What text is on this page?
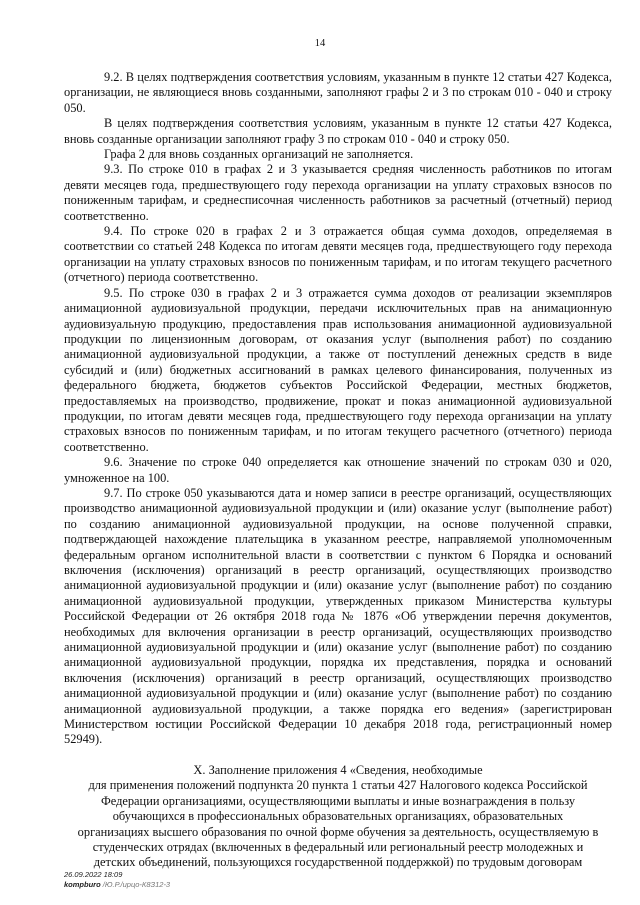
14

9.2. В целях подтверждения соответствия условиям, указанным в пункте 12 статьи 427 Кодекса, организации, не являющиеся вновь созданными, заполняют графы 2 и 3 по строкам 010 - 040 и строку 050.

В целях подтверждения соответствия условиям, указанным в пункте 12 статьи 427 Кодекса, вновь созданные организации заполняют графу 3 по строкам 010 - 040 и строку 050.

Графа 2 для вновь созданных организаций не заполняется.

9.3. По строке 010 в графах 2 и 3 указывается средняя численность работников по итогам девяти месяцев года, предшествующего году перехода организации на уплату страховых взносов по пониженным тарифам, и среднесписочная численность работников за расчетный (отчетный) период соответственно.

9.4. По строке 020 в графах 2 и 3 отражается общая сумма доходов, определяемая в соответствии со статьей 248 Кодекса по итогам девяти месяцев года, предшествующего году перехода организации на уплату страховых взносов по пониженным тарифам, и по итогам текущего расчетного (отчетного) периода соответственно.

9.5. По строке 030 в графах 2 и 3 отражается сумма доходов от реализации экземпляров анимационной аудиовизуальной продукции, передачи исключительных прав на анимационную аудиовизуальную продукцию, предоставления прав использования анимационной аудиовизуальной продукции по лицензионным договорам, от оказания услуг (выполнения работ) по созданию анимационной аудиовизуальной продукции, а также от поступлений денежных средств в виде субсидий и (или) бюджетных ассигнований в рамках целевого финансирования, полученных из федерального бюджета, бюджетов субъектов Российской Федерации, местных бюджетов, предоставляемых на производство, продвижение, прокат и показ анимационной аудиовизуальной продукции, по итогам девяти месяцев года, предшествующего году перехода организации на уплату страховых взносов по пониженным тарифам, и по итогам текущего расчетного (отчетного) периода соответственно.

9.6. Значение по строке 040 определяется как отношение значений по строкам 030 и 020, умноженное на 100.

9.7. По строке 050 указываются дата и номер записи в реестре организаций, осуществляющих производство анимационной аудиовизуальной продукции и (или) оказание услуг (выполнение работ) по созданию анимационной аудиовизуальной продукции, на основе полученной справки, подтверждающей нахождение плательщика в указанном реестре, направляемой уполномоченным федеральным органом исполнительной власти в соответствии с пунктом 6 Порядка и оснований включения (исключения) организаций в реестр организаций, осуществляющих производство анимационной аудиовизуальной продукции и (или) оказание услуг (выполнение работ) по созданию анимационной аудиовизуальной продукции, утвержденных приказом Министерства культуры Российской Федерации от 26 октября 2018 года № 1876 «Об утверждении перечня документов, необходимых для включения организации в реестр организаций, осуществляющих производство анимационной аудиовизуальной продукции и (или) оказание услуг (выполнение работ) по созданию анимационной аудиовизуальной продукции, порядка их представления, порядка и оснований включения (исключения) организаций в реестр организаций, осуществляющих производство анимационной аудиовизуальной продукции и (или) оказание услуг (выполнение работ) по созданию анимационной аудиовизуальной продукции, а также порядка его ведения» (зарегистрирован Министерством юстиции Российской Федерации 10 декабря 2018 года, регистрационный номер 52949).

X. Заполнение приложения 4 «Сведения, необходимые
для применения положений подпункта 20 пункта 1 статьи 427 Налогового кодекса Российской
Федерации организациями, осуществляющими выплаты и иные вознаграждения в пользу
обучающихся в профессиональных образовательных организациях, образовательных
организациях высшего образования по очной форме обучения за деятельность, осуществляемую в
студенческих отрядах (включенных в федеральный или региональный реестр молодежных и
детских объединений, пользующихся государственной поддержкой) по трудовым договорам
26.09.2022 18:09
kompburo /Ю.Р./ирцо-К8З12-3
